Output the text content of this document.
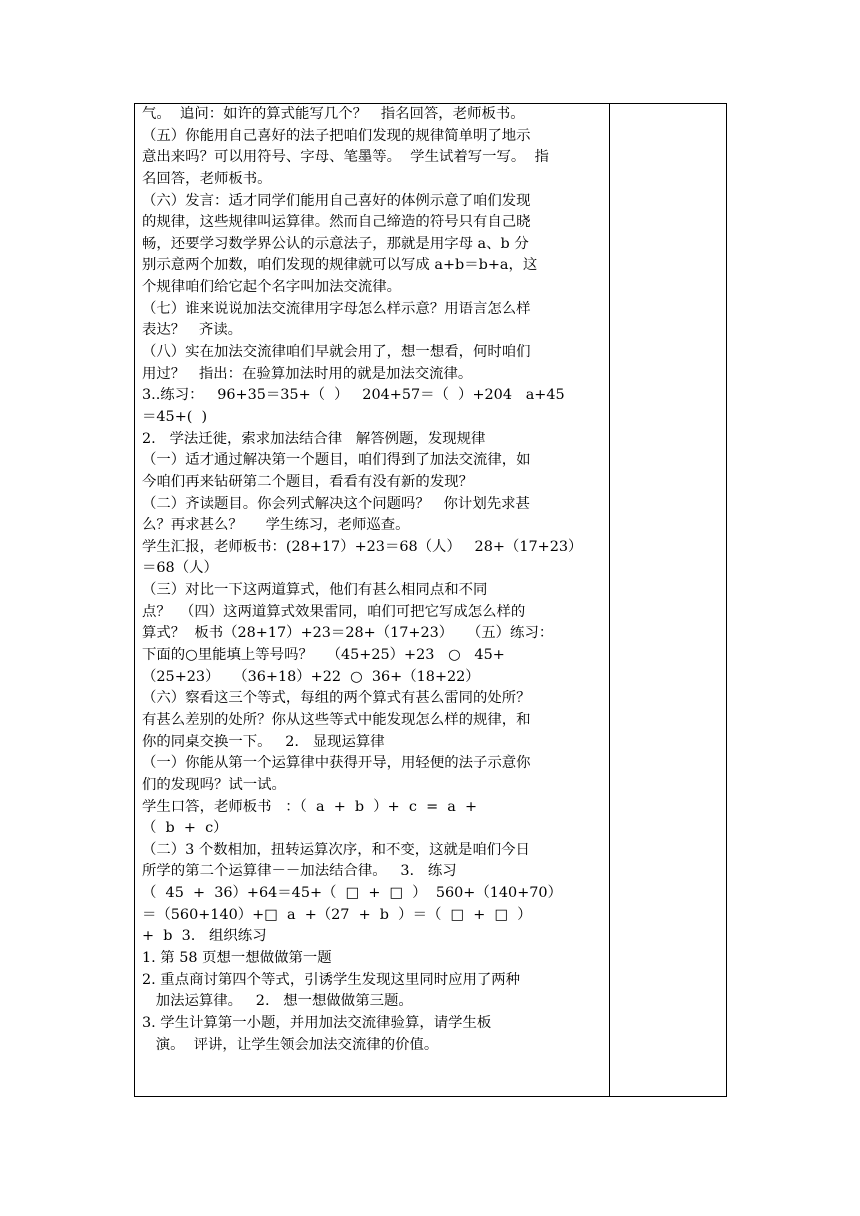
气。  追问：如许的算式能写几个？   指名回答，老师板书。
（五）你能用自己喜好的法子把咱们发现的规律简单明了地示
意出来吗？可以用符号、字母、笔墨等。  学生试着写一写。  指
名回答，老师板书。
（六）发言：适才同学们能用自己喜好的体例示意了咱们发现
的规律，这些规律叫运算律。然而自己缔造的符号只有自己晓
畅，还要学习数学界公认的示意法子，那就是用字母 a、b 分
别示意两个加数，咱们发现的规律就可以写成 a+b＝b+a，这
个规律咱们给它起个名字叫加法交流律。
（七）谁来说说加法交流律用字母怎么样示意？用语言怎么样
表达？   齐读。
（八）实在加法交流律咱们早就会用了，想一想看，何时咱们
用过？   指出：在验算加法时用的就是加法交流律。
3..练习：   96+35＝35+（  ）   204+57＝（  ）+204   a+45
＝45+(  )
2.   学法迁徙，索求加法结合律   解答例题，发现规律
（一）适才通过解决第一个题目，咱们得到了加法交流律，如
今咱们再来钻研第二个题目，看看有没有新的发现？
（二）齐读题目。你会列式解决这个问题吗？   你计划先求甚
么？再求甚么？     学生练习，老师巡查。
学生汇报，老师板书：(28+17）+23＝68（人）   28+（17+23）
＝68（人）
（三）对比一下这两道算式，他们有甚么相同点和不同
点？  （四）这两道算式效果雷同，咱们可把它写成怎么样的
算式？  板书（28+17）+23＝28+（17+23）   （五）练习：
下面的○里能填上等号吗？   （45+25）+23   ○   45+
（25+23）   （36+18）+22  ○  36+（18+22）
（六）察看这三个等式，每组的两个算式有甚么雷同的处所？
有甚么差别的处所？你从这些等式中能发现怎么样的规律，和
你的同桌交换一下。   2.   显现运算律
（一）你能从第一个运算律中获得开导，用轻便的法子示意你
们的发现吗？试一试。
学生口答，老师板书   ：（  a  +  b  ）+  c  =  a  +
（  b  +  c）
（二）3 个数相加，扭转运算次序，和不变，这就是咱们今日
所学的第二个运算律－－加法结合律。   3.   练习
（  45  +  36）+64＝45+（  □  +  □  ）  560+（140+70）
＝（560+140）+□  a  +（27  +  b  ）＝（  □  +  □  ）
+  b  3.   组织练习
1. 第 58 页想一想做做第一题
2. 重点商讨第四个等式，引诱学生发现这里同时应用了两种
加法运算律。   2.   想一想做做第三题。
3. 学生计算第一小题，并用加法交流律验算，请学生板
演。  评讲，让学生领会加法交流律的价值。
